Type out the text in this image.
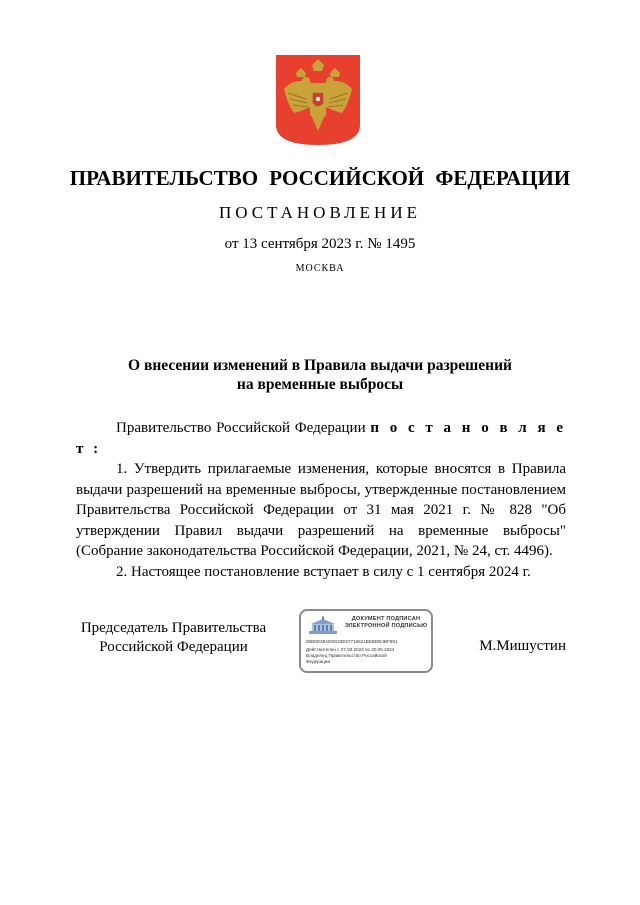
ПРАВИТЕЛЬСТВО РОССИЙСКОЙ ФЕДЕРАЦИИ
ПОСТАНОВЛЕНИЕ
от 13 сентября 2023 г. № 1495
МОСКВА
О внесении изменений в Правила выдачи разрешений
на временные выбросы

Правительство Российской Федерации п о с т а н о в л я е т :

1. Утвердить прилагаемые изменения, которые вносятся в Правила выдачи разрешений на временные выбросы, утвержденные постановлением Правительства Российской Федерации от 31 мая 2021 г. № 828 "Об утверждении Правил выдачи разрешений на временные выбросы" (Собрание законодательства Российской Федерации, 2021, № 24, ст. 4496).

2. Настоящее постановление вступает в силу с 1 сентября 2024 г.

Председатель Правительства
Российской Федерации
ДОКУМЕНТ ПОДПИСАН
ЭЛЕКТРОННОЙ ПОДПИСЬЮ
00B0D38AE6D33E67719621BEBDB4BF991
Действителен с 07.03.2023 по 30.05.2024
Владелец Правительство Российской
Федерации
М.Мишустин
